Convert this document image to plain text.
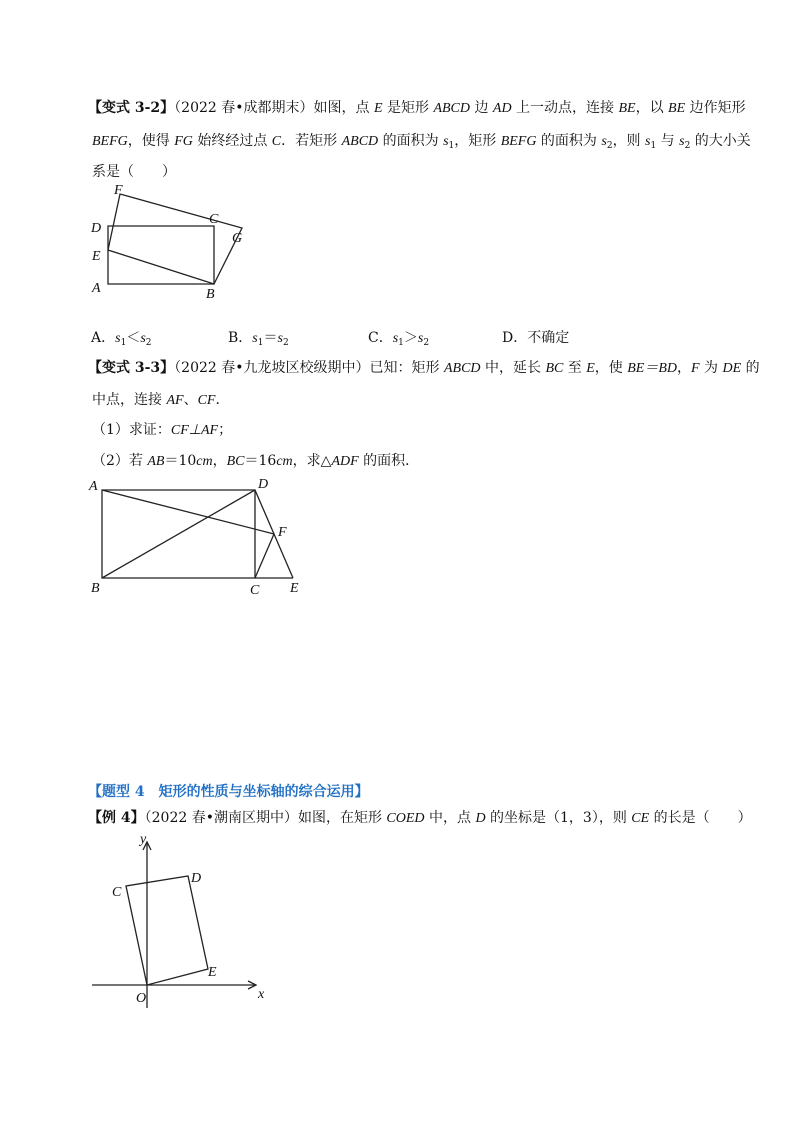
【变式 3-2】（2022 春•成都期末）如图，点 E 是矩形 ABCD 边 AD 上一动点，连接 BE，以 BE 边作矩形
BEFG，使得 FG 始终经过点 C．若矩形 ABCD 的面积为 $s_1$，矩形 BEFG 的面积为 $s_2$，则 $s_1$ 与 $s_2$ 的大小关
系是（　　）
F
D
C
G
E
A	B
A．$s_1<s_2$	B．$s_1=s_2$	C．$s_1>s_2$	D．不确定
【变式 3-3】（2022 春•九龙坡区校级期中）已知：矩形 ABCD 中，延长 BC 至 E，使 BE＝BD，F 为 DE 的
中点，连接 AF、CF．
（1）求证：CF⊥AF；
（2）若 AB＝10cm，BC＝16cm，求△ADF 的面积．
A	D
F
B	C E
【题型 4　矩形的性质与坐标轴的综合运用】
【例 4】（2022 春•潮南区期中）如图，在矩形 COED 中，点 D 的坐标是（1，3），则 CE 的长是（　　）
y
x
C
D
E
O
